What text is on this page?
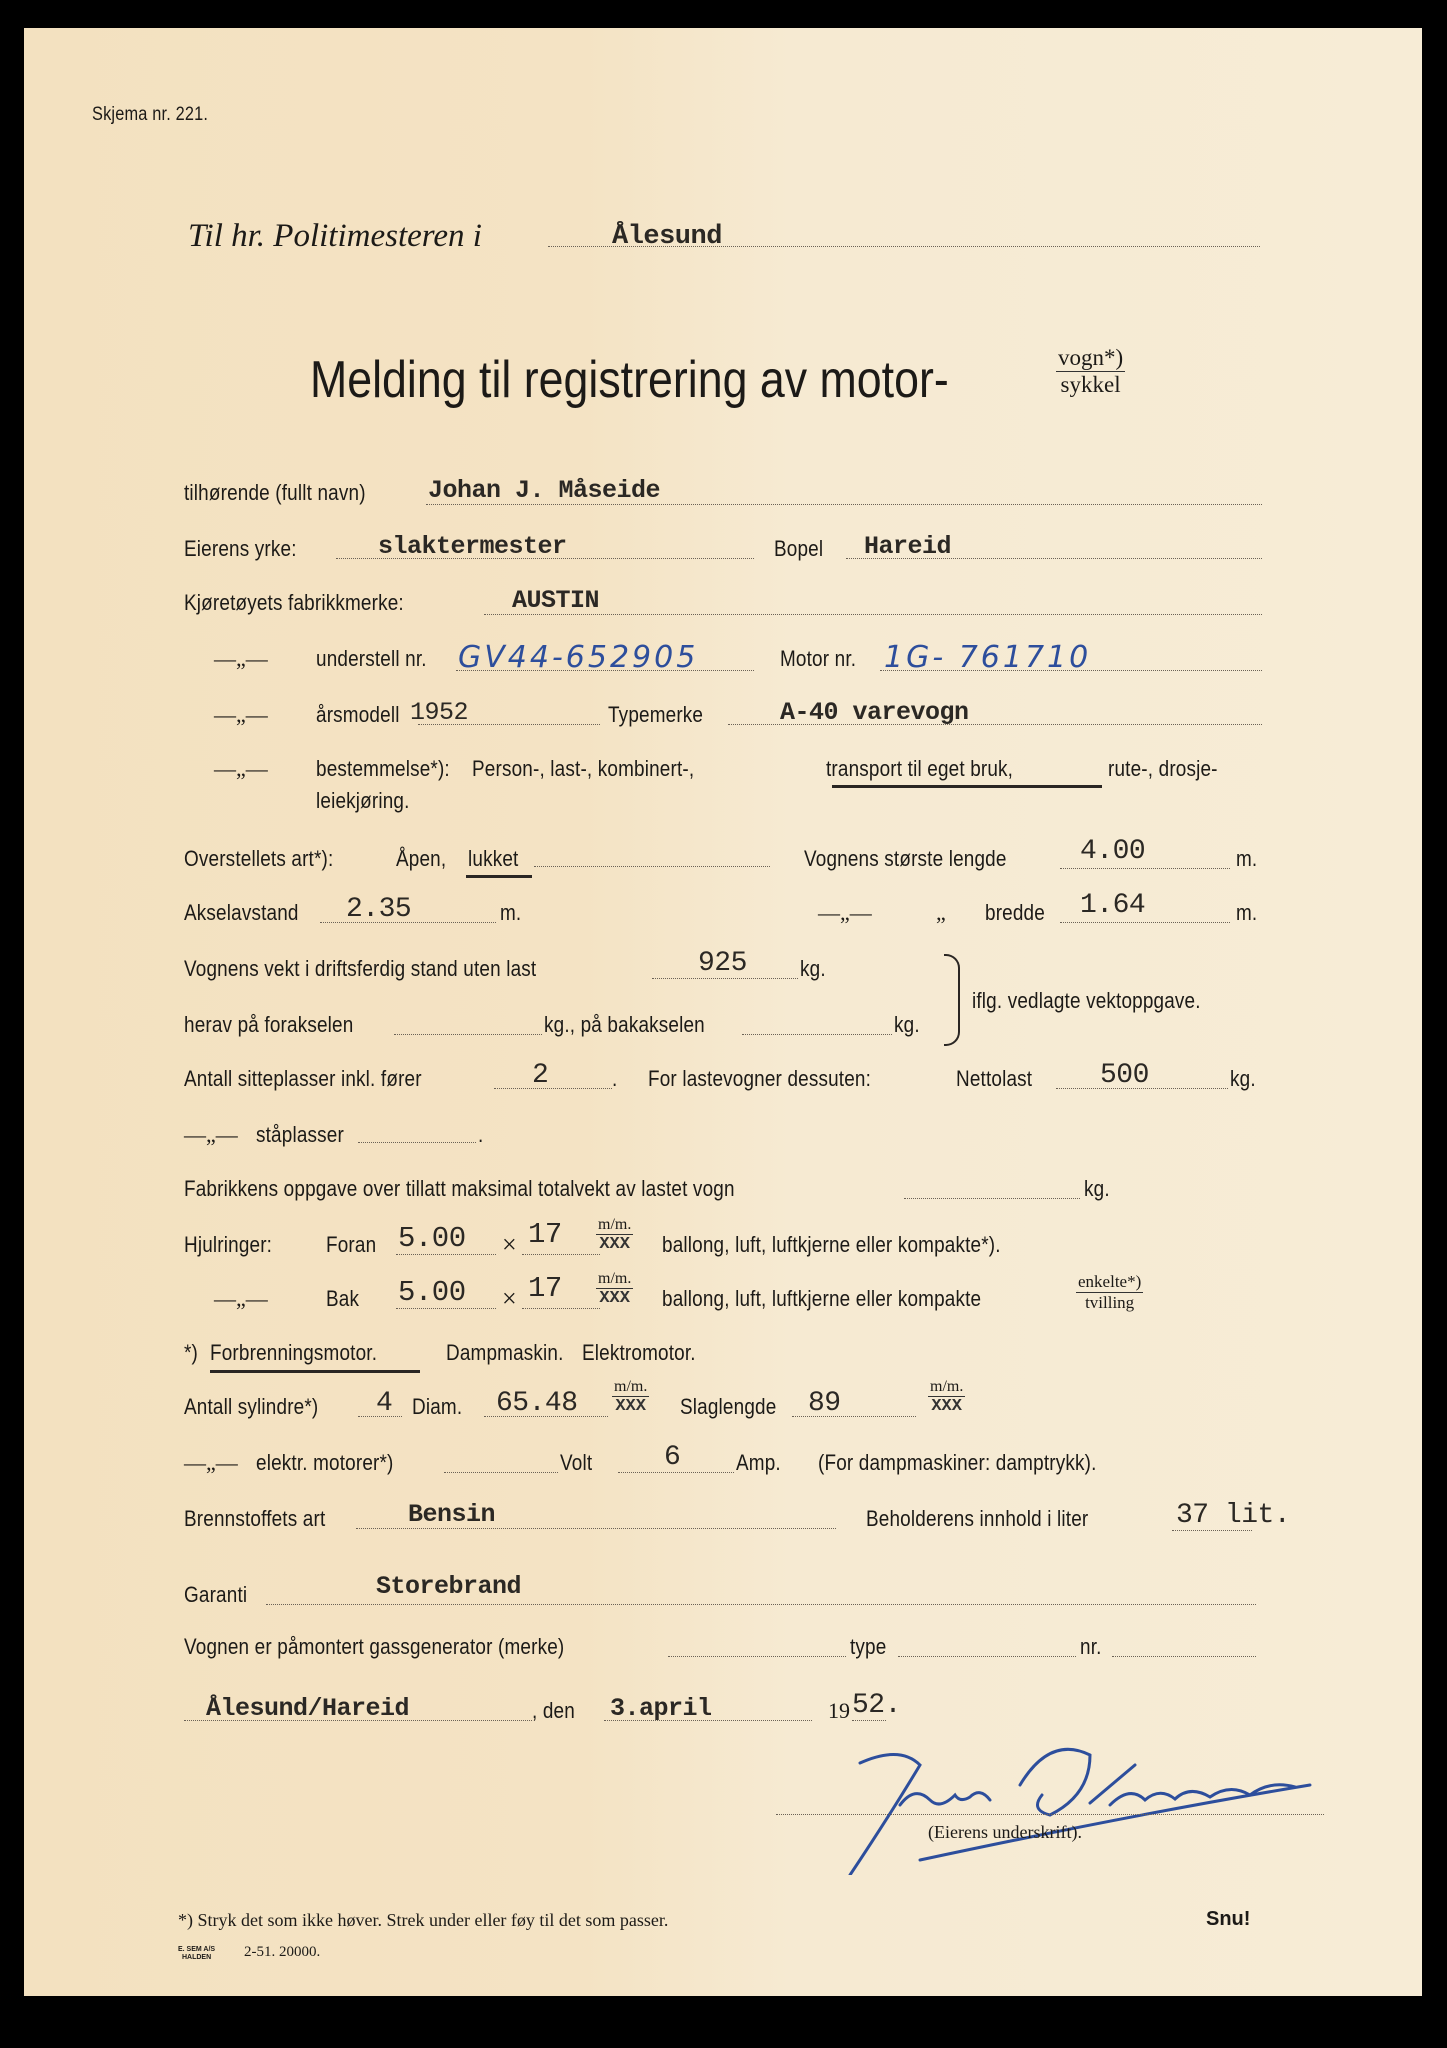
Skjema nr. 221.
Til hr. Politimesteren i	Ålesund
Melding til registrering av motor-	vogn*)
sykkel
tilhørende (fullt navn) Johan J. Måseide
Eierens yrke:	slaktermester	Bopel Hareid
Kjøretøyets fabrikkmerke:	AUSTIN
—„— understell nr. GV44-652905	Motor nr. 1G- 761710
—„— årsmodell 1952	Typemerke	A-40 varevogn
—„— bestemmelse*): Person-, last-, kombinert-,	transport til eget bruk,	rute-, drosje-
leiekjøring.
Overstellets art*):	Åpen, lukket	Vognens største lengde	4.00	m.
Akselavstand 2.35	m.	—„—	„ bredde 1.64	m.
Vognens vekt i driftsferdig stand uten last	925 kg.
herav på forakselen	kg., på bakakselen	kg.
iflg. vedlagte vektoppgave.
Antall sitteplasser inkl. fører	2	. For lastevogner dessuten:	Nettolast 500	kg.
—„— ståplasser	.
Fabrikkens oppgave over tillatt maksimal totalvekt av lastet vogn	kg.
Hjulringer: Foran 5.00 × 17 m/m.
XXX ballong, luft, luftkjerne eller kompakte*).
—„—	Bak 5.00 × 17 m/m.
XXX ballong, luft, luftkjerne eller kompakte
enkelte*)
tvilling
*) Forbrenningsmotor.	Dampmaskin. Elektromotor.
Antall sylindre*) 4 Diam. 65.48
m/m.
XXX Slaglengde 89
m/m.
XXX
—„— elektr. motorer*)	Volt	6	Amp. (For dampmaskiner: damptrykk).
Brennstoffets art	Bensin	Beholderens innhold i liter	37 lit.
Garanti	Storebrand
Vognen er påmontert gassgenerator (merke)	type	nr.
Ålesund/Hareid	, den 3.april	19 52.
(Eierens underskrift).
*) Stryk det som ikke høver. Strek under eller føy til det som passer.	Snu!
E. SEM A/S
HALDEN 2-51. 20000.
